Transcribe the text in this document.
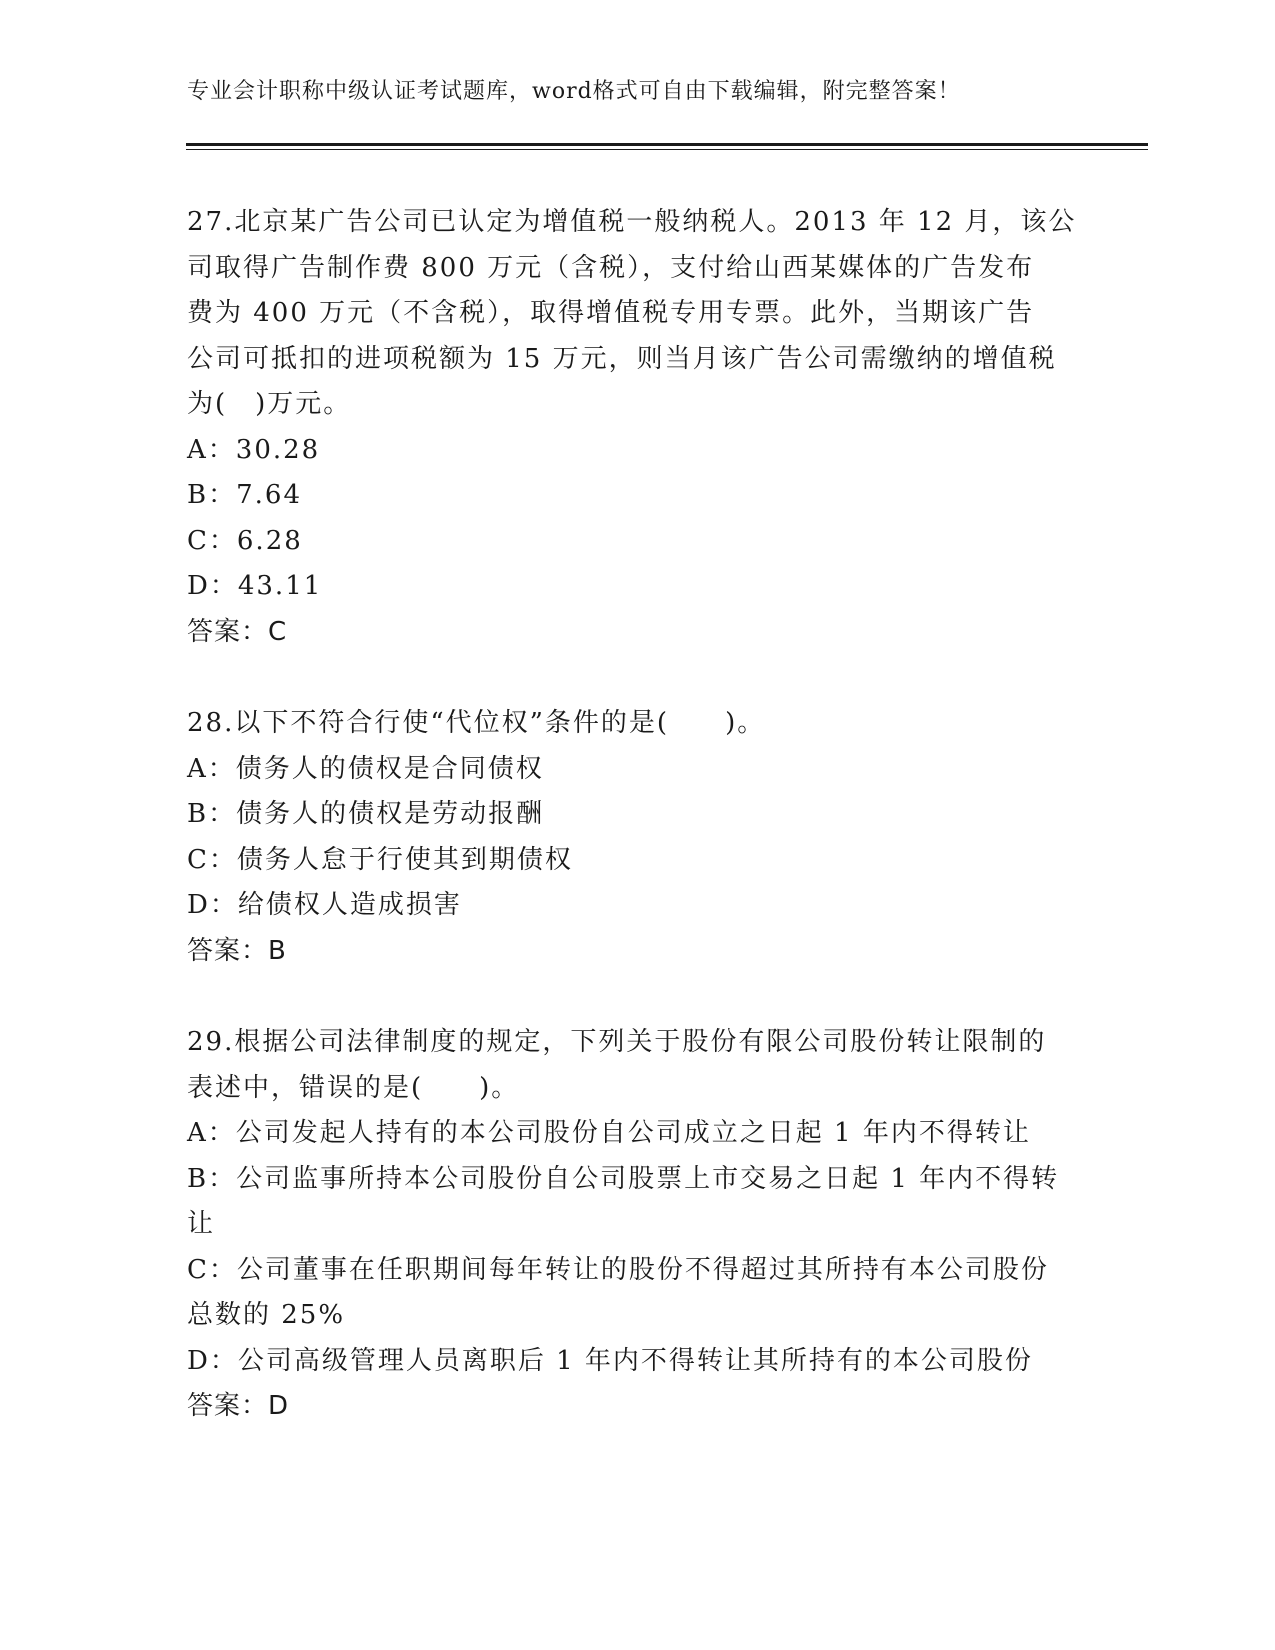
专业会计职称中级认证考试题库，word格式可自由下载编辑，附完整答案！
27.北京某广告公司已认定为增值税一般纳税人。2013 年 12 月，该公
司取得广告制作费 800 万元（含税），支付给山西某媒体的广告发布
费为 400 万元（不含税），取得增值税专用专票。此外，当期该广告
公司可抵扣的进项税额为 15 万元，则当月该广告公司需缴纳的增值税
为(　)万元。
A：30.28
B：7.64
C：6.28
D：43.11
答案：C
28.以下不符合行使“代位权”条件的是(　　)。
A：债务人的债权是合同债权
B：债务人的债权是劳动报酬
C：债务人怠于行使其到期债权
D：给债权人造成损害
答案：B
29.根据公司法律制度的规定，下列关于股份有限公司股份转让限制的
表述中，错误的是(　　)。
A：公司发起人持有的本公司股份自公司成立之日起 1 年内不得转让
B：公司监事所持本公司股份自公司股票上市交易之日起 1 年内不得转
让
C：公司董事在任职期间每年转让的股份不得超过其所持有本公司股份
总数的 25%
D：公司高级管理人员离职后 1 年内不得转让其所持有的本公司股份
答案：D
